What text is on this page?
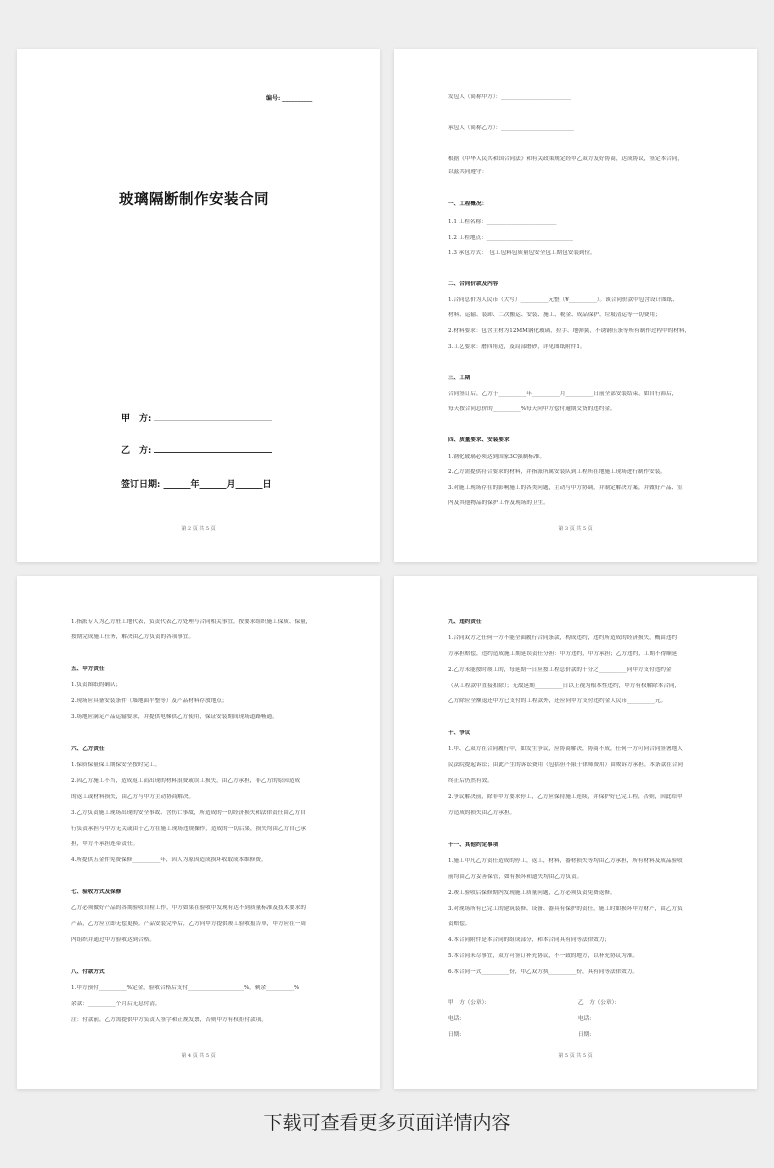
编号: __________
玻璃隔断制作安装合同
甲　方:
乙　方:
签订日期: ______年______月______日
第 2 页 共 5 页
发包人（简称甲方）：_________________________
承包人（简称乙方）：__________________________
根据《中华人民共和国合同法》和有关政策规定经甲乙双方友好协商，达成协议，签定本合同，
以兹共同遵守：
一、工程概况：
1.1 工程名称：_________________________
1.2 工程地点：_______________________________
1.3 承包方式：　包工包料包质量包安全包工期包安装到位。
二、合同价款及内容
1.合同总价为人民币（大写）__________元整（¥__________）。该合同价款中包含设计图纸、
材料、运输、装卸、二次搬运、安装、施工、税金、成品保护、垃圾清运等一切费用；
2.材料要求：包含主材为12MM钢化玻璃，拉手、地弹簧，不锈钢压条等所有制作过程中的材料，
3.工艺要求：磨四角边，及局部磨砂，详见图纸附件1。
三、工期
合同签订后，乙方于__________年__________月__________日前全部安装结束。如自行滞后，
每天按合同总价的__________%每天向甲方偿付逾期交货的违约金。
四、质量要求、安装要求
1.钢化玻璃必须达到国家3C强制标准。
2.乙方需提供符合要求的材料，并指派所属安装队到工程所在地施工现场进行制作安装。
3.对施工现场存在的影响施工的各类问题，主动与甲方协调，并制定解决方案。并做好产品、室
内及其他物品的保护工作及现场的卫生。
第 3 页 共 5 页
1.指派专人为乙方驻工地代表，负责代表乙方处理与合同相关事宜，按要求组织施工保质、保量，
按期完成施工任务，解决由乙方负责的各项事宜。
五、甲方责任
1.负责图纸的确认；
2.现场应具备安装条件（墙地面平整等）及产品材料存放地点；
3.场地应满足产品运输要求，并提供电梯供乙方使用，保证安装期间现场道路畅通。
六、乙方责任
1.保质保量保工期保安全按时完工。
2.因乙方施工不当，造成返工而出现的材料浪费或误工损失，由乙方承担，非乙方的原因造成
的返工或材料损失，由乙方与甲方主动协商解决。
3.乙方负责施工现场出现的安全事故、含伤亡事故，所造成的一切经济损失和法律责任由乙方自
行负责承担与甲方无关或由于乙方在施工现场违规操作，造成的一切后果，损失均由乙方自己承
担，甲方不承担连带责任。
4.所提供五金件免费保修__________年，因人为原因造成损坏收取成本维修费。
七、验收方式及保修
乙方必须做好产品的各期验收自检工作，甲方如果在验收中发现有达不到质量标准及技术要求的
产品，乙方应立即无偿更换。产品安装完毕后，乙方向甲方提供竣工验收报告单，甲方应在一周
内组织并通过甲方验收达到合格。
八、付款方式
1.甲方预付__________%定金，验收合格后支付____________________%，剩余__________%
余款：__________个月后无息付清。
注：付款前，乙方需提供甲方负责人签字和正规发票，否则甲方有权拒付款项。
第 4 页 共 5 页
九、违约责任
1.合同双方之任何一方不能全面履行合同条款，构成违约，违约所造成的经济损失，概由违约
方承担赔偿，违约造成施工期延误责任分担：甲方违约，甲方承担；乙方违约，工期不得顺延
2.乙方未能按时竣工的，每延期一日应按工程总价款的千分之__________向甲方支付违约金
（从工程款中直接扣除）；无故延期__________日以上视为根本性违约，甲方有权解除本合同，
乙方除应全额退还甲方已支付的工程款外，还应向甲方支付违约金人民币__________元。
十、争议
1.甲、乙双方在合同履行中，如发生争议，应协商解决，协商不成，任何一方可向合同签署地人
民法院提起诉讼；由此产生的诉讼费用（包括但不限于律师费用）由败诉方承担。本条款在合同
终止后仍然有效。
2.争议解决前，除非甲方要求停工，乙方应保持施工连续，并保护好已完工程，否则，因此给甲
方造成的损失由乙方承担。
十一、其他约定事项
1.施工中凡乙方责任造成的停工，返工，材料，器材损失等均由乙方承担，所有材料及成品验收
前均由乙方妥善保管，如有损坏和遗失均由乙方负责。
2.竣工验收后保修期内发现施工质量问题，乙方必须负责免费返修。
3.对现场所有已完工的建筑装修、设备、器具有保护的责任，施工时如损坏甲方财产，由乙方负
责赔偿。
4.本合同附件是本合同的组成部分，和本合同具有同等法律效力；
5.本合同未尽事宜，双方可签订补充协议，不一致的地方，以补充协议为准。
6.本合同一式__________份，甲乙双方执__________份，具有同等法律效力。
甲　方（公章）：	乙　方（公章）：
电话:	电话:
日期:	日期:
第 5 页 共 5 页
下载可查看更多页面详情内容
